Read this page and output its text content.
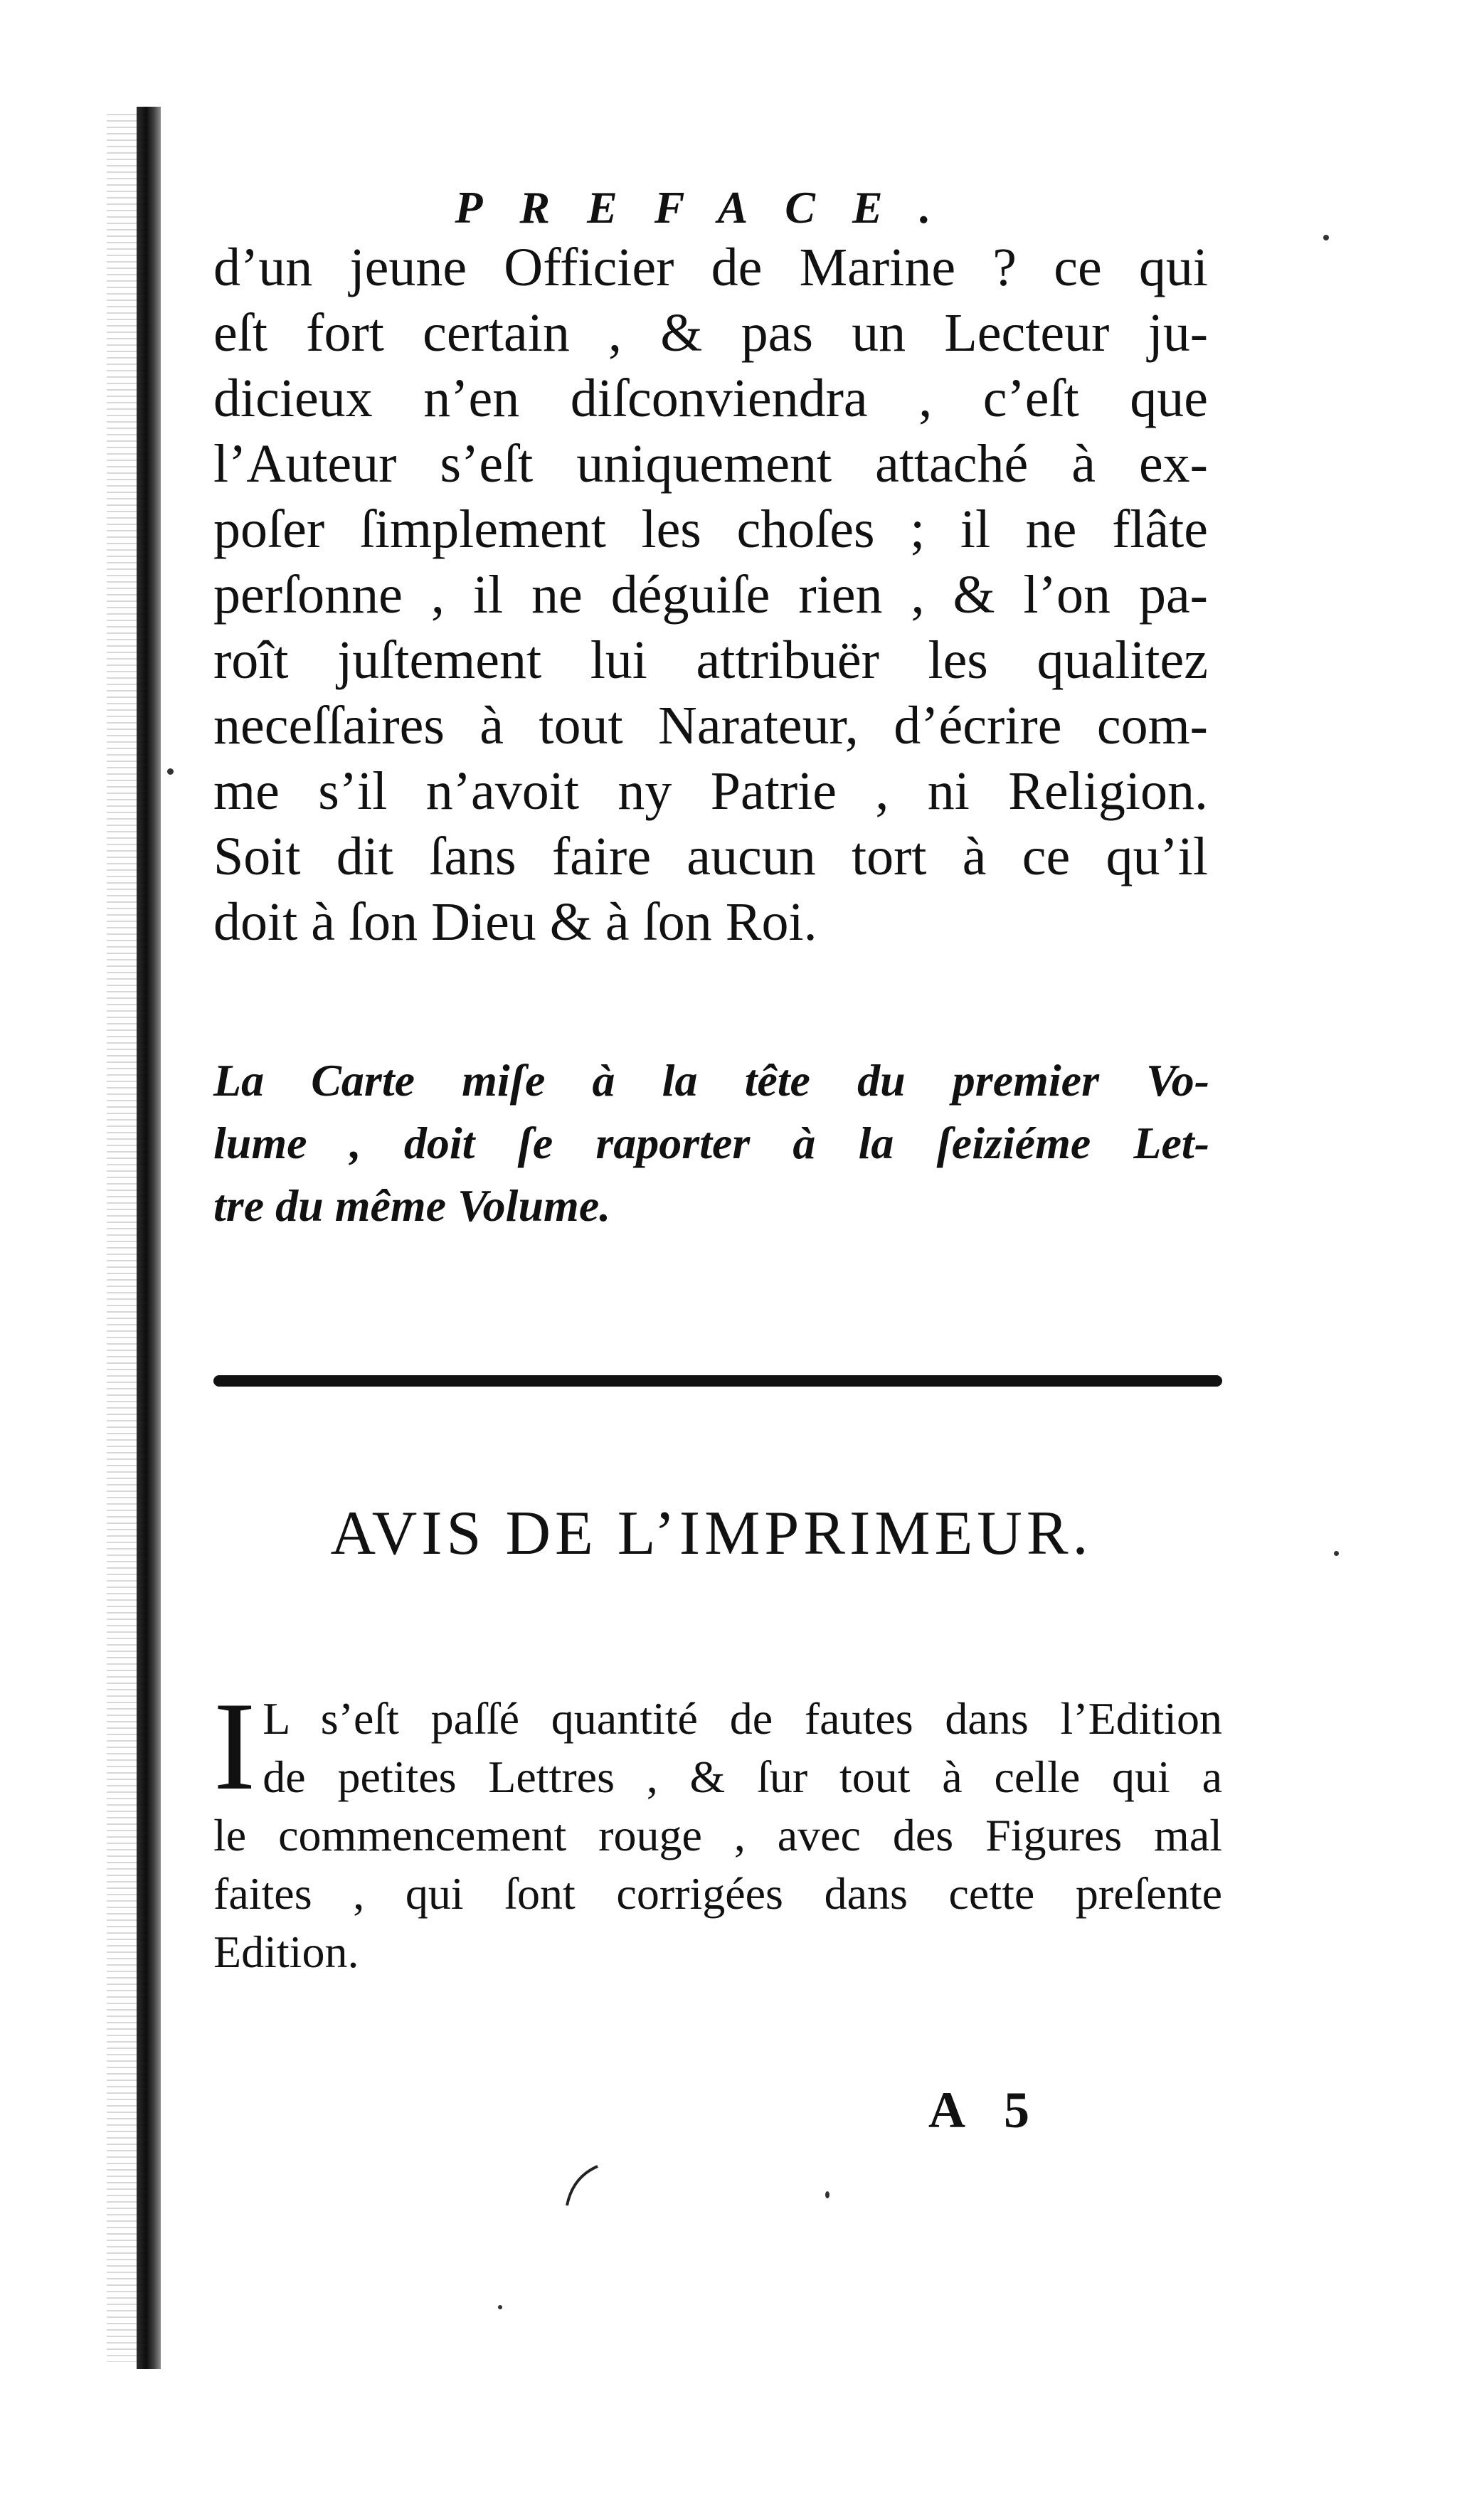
PREFACE.
d’un jeune Officier de Marine ? ce qui
eſt fort certain , & pas un Lecteur ju-
dicieux n’en diſconviendra , c’eſt que
l’Auteur s’eſt uniquement attaché à ex-
poſer ſimplement les choſes ; il ne flâte
perſonne , il ne déguiſe rien , & l’on pa-
roît juſtement lui attribuër les qualitez
neceſſaires à tout Narateur, d’écrire com-
me s’il n’avoit ny Patrie , ni Religion.
Soit dit ſans faire aucun tort à ce qu’il
doit à ſon Dieu & à ſon Roi.
La Carte miſe à la tête du premier Vo-
lume , doit ſe raporter à la ſeiziéme Let-
tre du même Volume.
AVIS DE L’IMPRIMEUR.
I L s’eſt paſſé quantité de fautes dans l’Edition
de petites Lettres , & ſur tout à celle qui a
le commencement rouge , avec des Figures mal
faites , qui ſont corrigées dans cette preſente
Edition.
A 5
